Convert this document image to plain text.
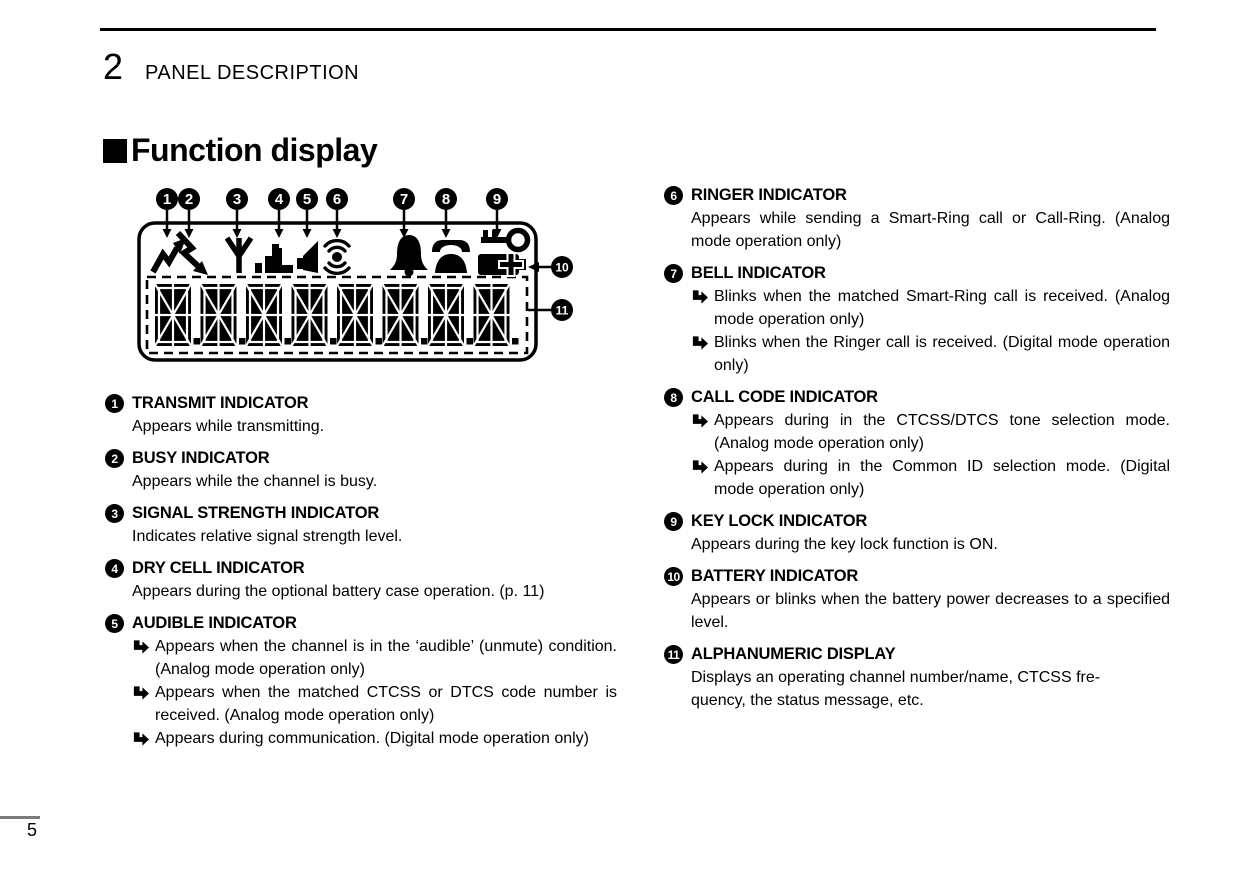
2 PANEL DESCRIPTION
Function display
1 2	3 4 5 6	7 8	9
10
11
1 TRANSMIT INDICATOR
Appears while transmitting.
2 BUSY INDICATOR
Appears while the channel is busy.
3 SIGNAL STRENGTH INDICATOR
Indicates relative signal strength level.
4 DRY CELL INDICATOR
Appears during the optional battery case operation. (p. 11)
5 AUDIBLE INDICATOR
Appears when the channel is in the ‘audible’ (unmute) condition. (Analog mode operation only)
Appears when the matched CTCSS or DTCS code number is received. (Analog mode operation only)
Appears during communication. (Digital mode operation only)
6 RINGER INDICATOR
Appears while sending a Smart-Ring call or Call-Ring. (Analog mode operation only)
7 BELL INDICATOR
Blinks when the matched Smart-Ring call is received. (Analog mode operation only)
Blinks when the Ringer call is received. (Digital mode operation only)
8 CALL CODE INDICATOR
Appears during in the CTCSS/DTCS tone selection mode. (Analog mode operation only)
Appears during in the Common ID selection mode. (Digital mode operation only)
9 KEY LOCK INDICATOR
Appears during the key lock function is ON.
10 BATTERY INDICATOR
Appears or blinks when the battery power decreases to a specified level.
11 ALPHANUMERIC DISPLAY
Displays an operating channel number/name, CTCSS fre-
quency, the status message, etc.
5
